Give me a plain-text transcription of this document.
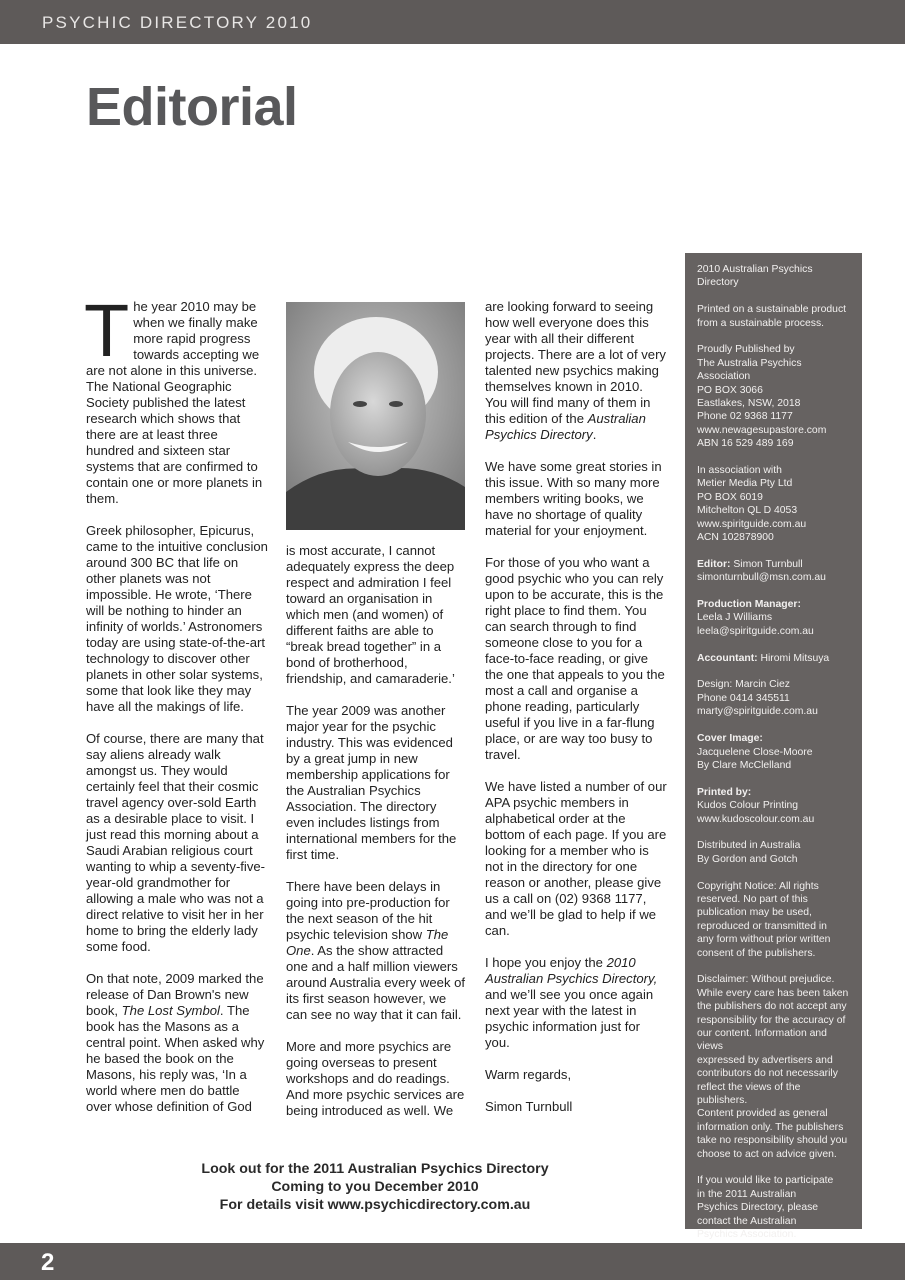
PSYCHIC DIRECTORY 2010
Editorial

The year 2010 may be when we finally make more rapid progress towards accepting we are not alone in this universe. The National Geographic Society published the latest research which shows that there are at least three hundred and sixteen star systems that are confirmed to contain one or more planets in them.

Greek philosopher, Epicurus, came to the intuitive conclusion around 300 BC that life on other planets was not impossible. He wrote, ‘There will be nothing to hinder an infinity of worlds.’ Astronomers today are using state-of-the-art technology to discover other planets in other solar systems, some that look like they may have all the makings of life.

Of course, there are many that say aliens already walk amongst us. They would certainly feel that their cosmic travel agency over-sold Earth as a desirable place to visit. I just read this morning about a Saudi Arabian religious court wanting to whip a seventy-five-year-old grandmother for allowing a male who was not a direct relative to visit her in her home to bring the elderly lady some food.

On that note, 2009 marked the release of Dan Brown's new book, The Lost Symbol. The book has the Masons as a central point. When asked why he based the book on the Masons, his reply was, ‘In a world where men do battle over whose definition of God

is most accurate, I cannot adequately express the deep respect and admiration I feel toward an organisation in which men (and women) of different faiths are able to “break bread together” in a bond of brotherhood, friendship, and camaraderie.’

The year 2009 was another major year for the psychic industry. This was evidenced by a great jump in new membership applications for the Australian Psychics Association. The directory even includes listings from international members for the first time.

There have been delays in going into pre-production for the next season of the hit psychic television show The One. As the show attracted one and a half million viewers around Australia every week of its first season however, we can see no way that it can fail.

More and more psychics are going overseas to present workshops and do readings. And more psychic services are being introduced as well. We

are looking forward to seeing how well everyone does this year with all their different projects. There are a lot of very talented new psychics making themselves known in 2010. You will find many of them in this edition of the Australian Psychics Directory.

We have some great stories in this issue. With so many more members writing books, we have no shortage of quality material for your enjoyment.

For those of you who want a good psychic who you can rely upon to be accurate, this is the right place to find them. You can search through to find someone close to you for a face-to-face reading, or give the one that appeals to you the most a call and organise a phone reading, particularly useful if you live in a far-flung place, or are way too busy to travel.

We have listed a number of our APA psychic members in alphabetical order at the bottom of each page. If you are looking for a member who is not in the directory for one reason or another, please give us a call on (02) 9368 1177, and we’ll be glad to help if we can.

I hope you enjoy the 2010 Australian Psychics Directory, and we’ll see you once again next year with the latest in psychic information just for you.

Warm regards,

Simon Turnbull

2010 Australian Psychics
Directory
Printed on a sustainable product
from a sustainable process.
Proudly Published by
The Australia Psychics
Association
PO BOX 3066
Eastlakes, NSW, 2018
Phone 02 9368 1177
www.newagesupastore.com
ABN 16 529 489 169
In association with
Metier Media Pty Ltd
PO BOX 6019
Mitchelton QL D 4053
www.spiritguide.com.au
ACN 102878900
Editor: Simon Turnbull
simonturnbull@msn.com.au
Production Manager:
Leela J Williams
leela@spiritguide.com.au
Accountant: Hiromi Mitsuya
Design: Marcin Ciez
Phone 0414 345511
marty@spiritguide.com.au
Cover Image:
Jacquelene Close-Moore
By Clare McClelland
Printed by:
Kudos Colour Printing
www.kudoscolour.com.au
Distributed in Australia
By Gordon and Gotch
Copyright Notice: All rights
reserved. No part of this
publication may be used,
reproduced or transmitted in
any form without prior written
consent of the publishers.
Disclaimer: Without prejudice.
While every care has been taken
the publishers do not accept any
responsibility for the accuracy of
our content. Information and views
expressed by advertisers and
contributors do not necessarily
reflect the views of the publishers.
Content provided as general
information only. The publishers
take no responsibility should you
choose to act on advice given.
If you would like to participate
in the 2011 Australian
Psychics Directory, please
contact the Australian
Psychics Association.
Look out for the 2011 Australian Psychics Directory
Coming to you December 2010
For details visit www.psychicdirectory.com.au
2
